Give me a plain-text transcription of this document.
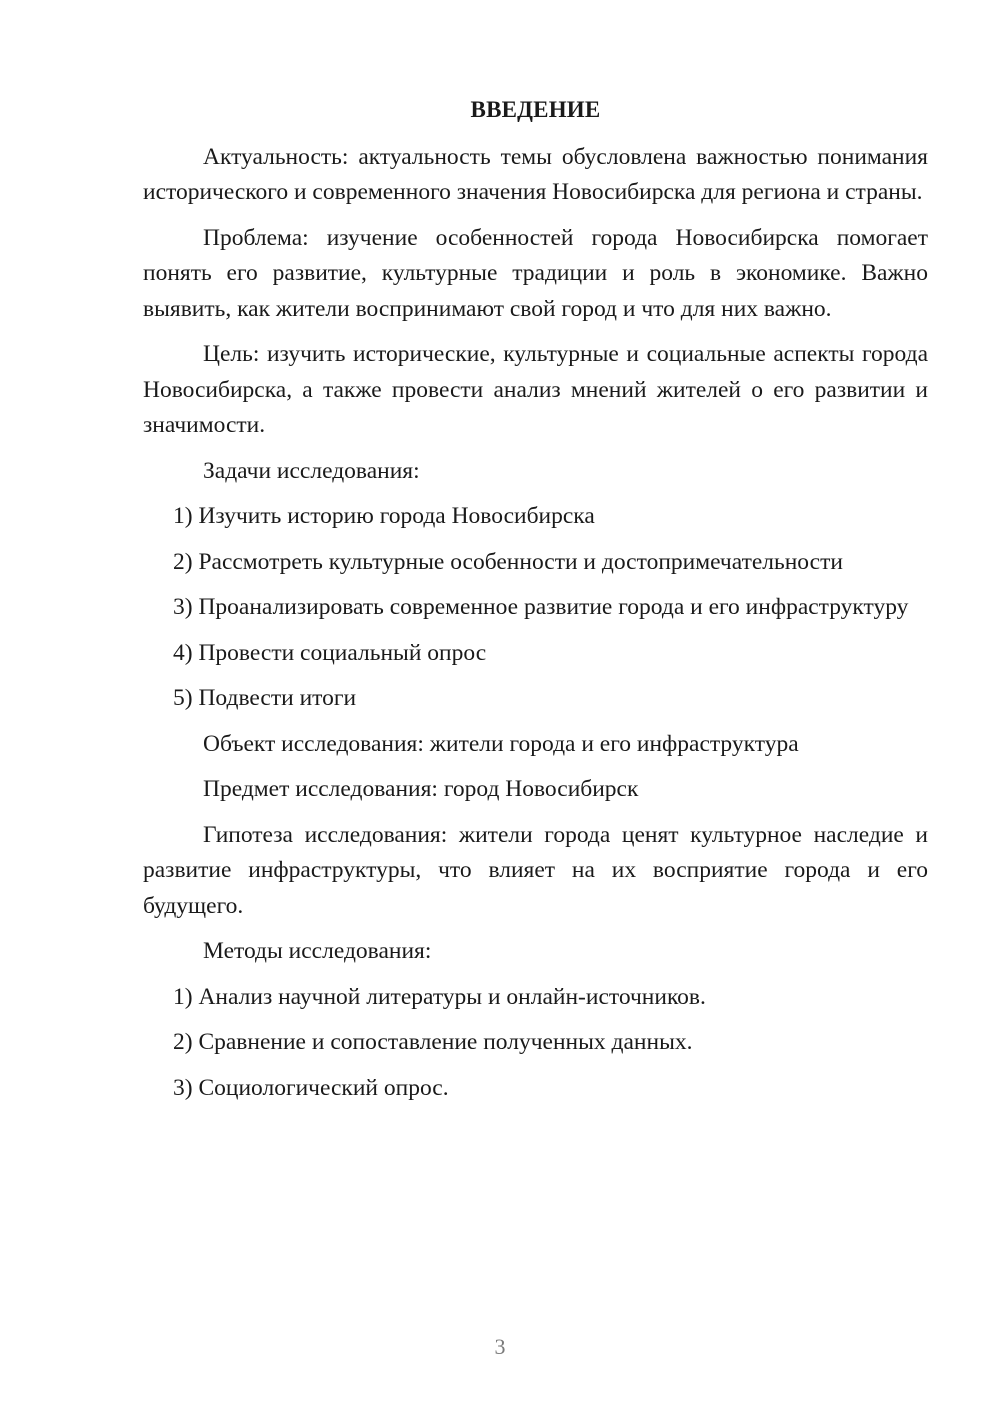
ВВЕДЕНИЕ

Актуальность: актуальность темы обусловлена важностью понимания исторического и современного значения Новосибирска для региона и страны.

Проблема: изучение особенностей города Новосибирска помогает понять его развитие, культурные традиции и роль в экономике. Важно выявить, как жители воспринимают свой город и что для них важно.

Цель: изучить исторические, культурные и социальные аспекты города Новосибирска, а также провести анализ мнений жителей о его развитии и значимости.

Задачи исследования:

1) Изучить историю города Новосибирска

2) Рассмотреть культурные особенности и достопримечательности

3) Проанализировать современное развитие города и его инфраструктуру

4) Провести социальный опрос

5) Подвести итоги

Объект исследования: жители города и его инфраструктура

Предмет исследования: город Новосибирск

Гипотеза исследования: жители города ценят культурное наследие и развитие инфраструктуры, что влияет на их восприятие города и его будущего.

Методы исследования:

1) Анализ научной литературы и онлайн-источников.

2) Сравнение и сопоставление полученных данных.

3) Социологический опрос.

3
